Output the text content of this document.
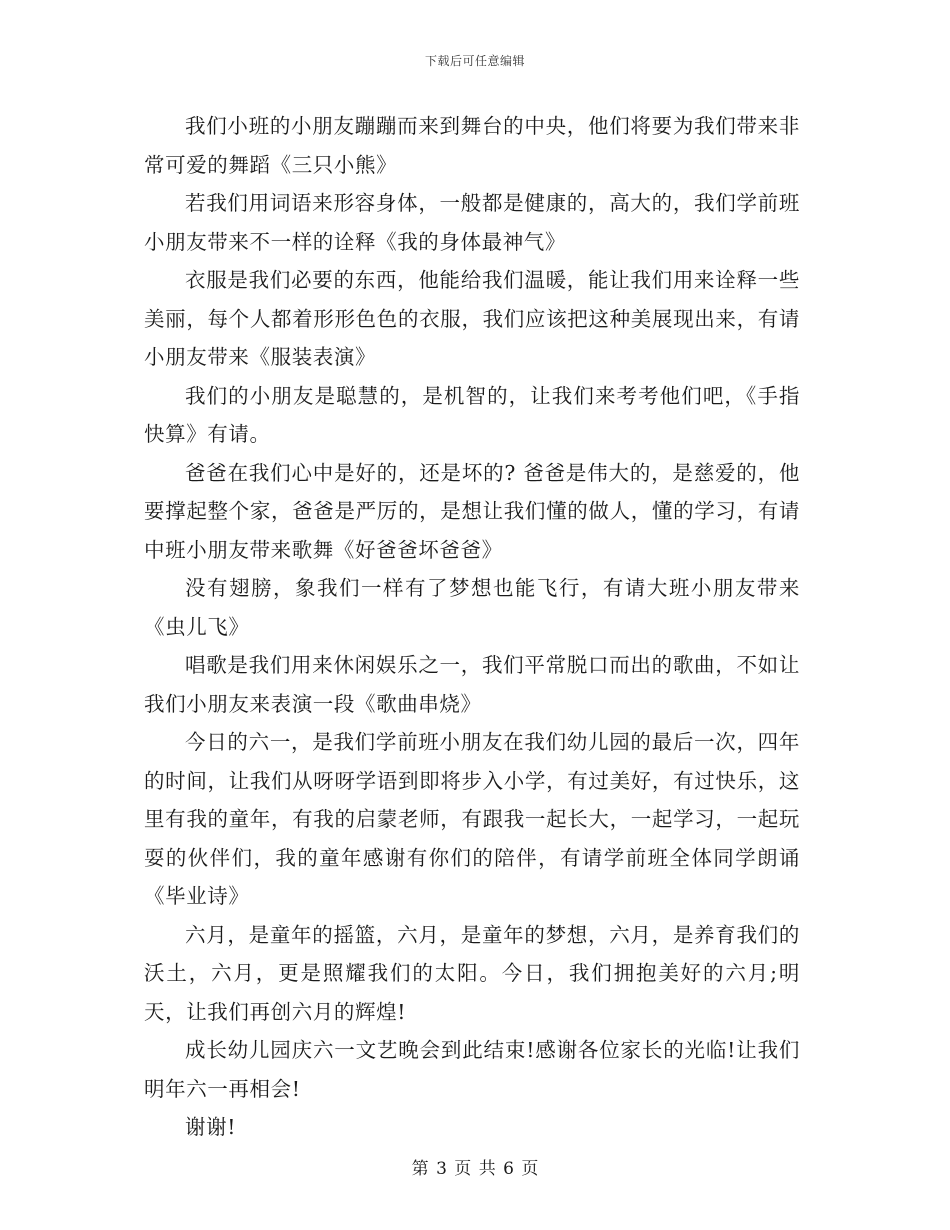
下载后可任意编辑

我们小班的小朋友蹦蹦而来到舞台的中央，他们将要为我们带来非常可爱的舞蹈《三只小熊》

若我们用词语来形容身体，一般都是健康的，高大的，我们学前班小朋友带来不一样的诠释《我的身体最神气》

衣服是我们必要的东西，他能给我们温暖，能让我们用来诠释一些美丽，每个人都着形形色色的衣服，我们应该把这种美展现出来，有请小朋友带来《服装表演》

我们的小朋友是聪慧的，是机智的，让我们来考考他们吧，《手指快算》有请。

爸爸在我们心中是好的，还是坏的? 爸爸是伟大的，是慈爱的，他要撑起整个家，爸爸是严厉的，是想让我们懂的做人，懂的学习，有请中班小朋友带来歌舞《好爸爸坏爸爸》

没有翅膀，象我们一样有了梦想也能飞行，有请大班小朋友带来《虫儿飞》

唱歌是我们用来休闲娱乐之一，我们平常脱口而出的歌曲，不如让我们小朋友来表演一段《歌曲串烧》

今日的六一，是我们学前班小朋友在我们幼儿园的最后一次，四年的时间，让我们从呀呀学语到即将步入小学，有过美好，有过快乐，这里有我的童年，有我的启蒙老师，有跟我一起长大，一起学习，一起玩耍的伙伴们，我的童年感谢有你们的陪伴，有请学前班全体同学朗诵《毕业诗》

六月，是童年的摇篮，六月，是童年的梦想，六月，是养育我们的沃土，六月，更是照耀我们的太阳。今日，我们拥抱美好的六月;明天，让我们再创六月的辉煌!

成长幼儿园庆六一文艺晚会到此结束!感谢各位家长的光临!让我们明年六一再相会!

谢谢!

第 3 页 共 6 页
